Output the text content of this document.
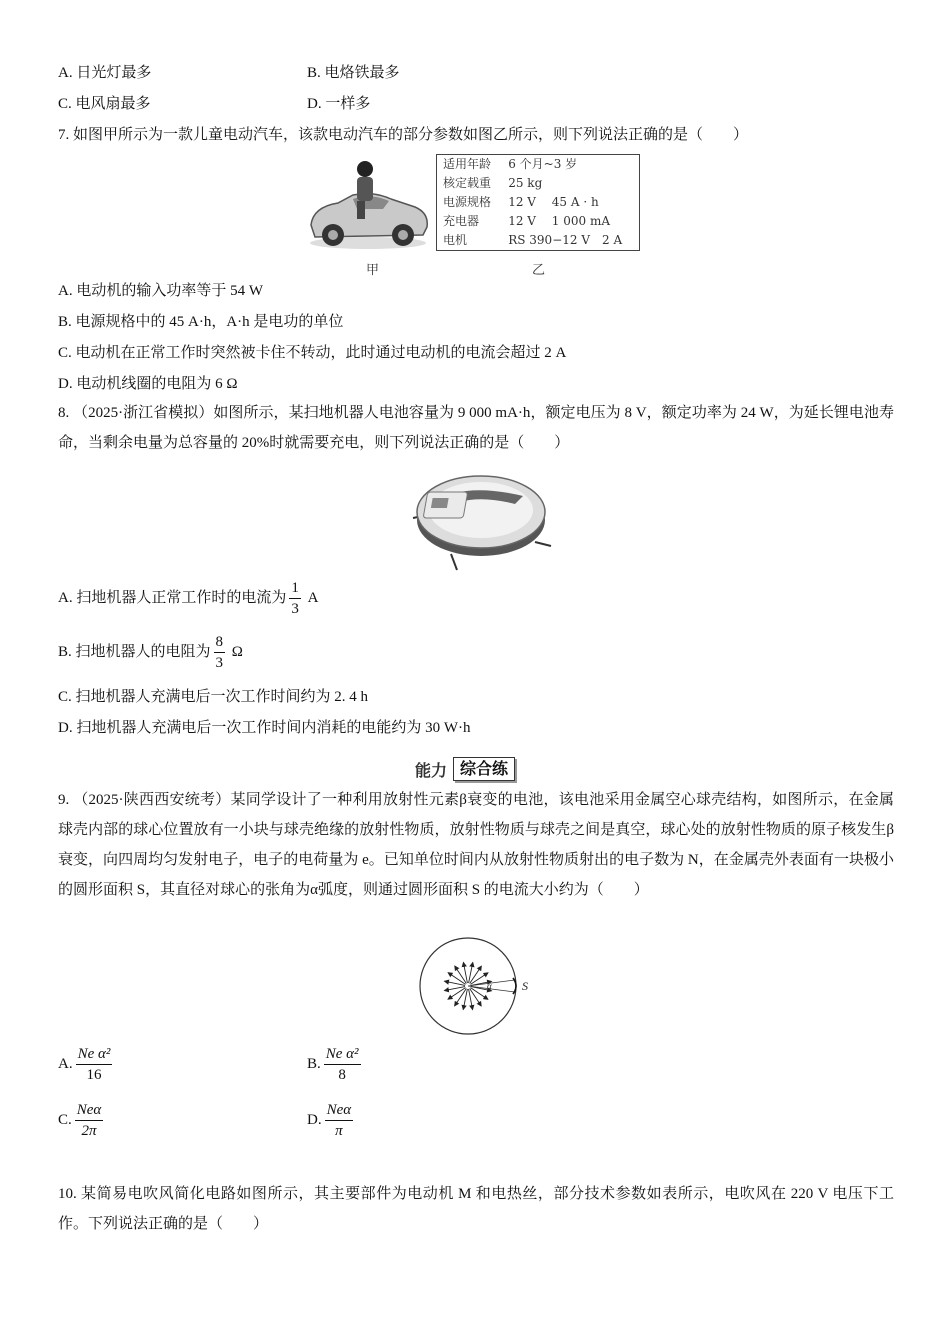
A. 日光灯最多	B. 电烙铁最多
C. 电风扇最多	D. 一样多
7. 如图甲所示为一款儿童电动汽车，该款电动汽车的部分参数如图乙所示，则下列说法正确的是（　　）
适用年龄	6 个月~3 岁
核定载重	25 kg
电源规格	12 V　 45 A · h
充电器	12 V　 1 000 mA
电机	RS 390−12 V　2 A
甲	乙
A. 电动机的输入功率等于 54 W
B. 电源规格中的 45 A·h，A·h 是电功的单位
C. 电动机在正常工作时突然被卡住不转动，此时通过电动机的电流会超过 2 A
D. 电动机线圈的电阻为 6 Ω
8. （2025·浙江省模拟）如图所示，某扫地机器人电池容量为 9 000 mA·h，额定电压为 8 V，额定功率为 24 W，为延长锂电池寿命，当剩余电量为总容量的 20%时就需要充电，则下列说法正确的是（　　）
A. 扫地机器人正常工作时的电流为 $\frac{1}{3}$ A
B. 扫地机器人的电阻为 $\frac{8}{3}$ Ω
C. 扫地机器人充满电后一次工作时间约为 2. 4 h
D. 扫地机器人充满电后一次工作时间内消耗的电能约为 30 W·h
能力 综合练
9. （2025·陕西西安统考）某同学设计了一种利用放射性元素β衰变的电池，该电池采用金属空心球壳结构，如图所示，在金属球壳内部的球心位置放有一小块与球壳绝缘的放射性物质，放射性物质与球壳之间是真空，球心处的放射性物质的原子核发生β衰变，向四周均匀发射电子，电子的电荷量为 e。已知单位时间内从放射性物质射出的电子数为 N，在金属壳外表面有一块极小的圆形面积 S，其直径对球心的张角为α弧度，则通过圆形面积 S 的电流大小约为（　　）
α	S
A. $\frac{\text{Ne α²}}{16}$	B. $\frac{\text{Ne α²}}{8}$
C. $\frac{\text{Neα}}{2\pi}$	D. $\frac{\text{Neα}}{\pi}$
10. 某简易电吹风简化电路如图所示，其主要部件为电动机 M 和电热丝，部分技术参数如表所示，电吹风在 220 V 电压下工作。下列说法正确的是（　　）
